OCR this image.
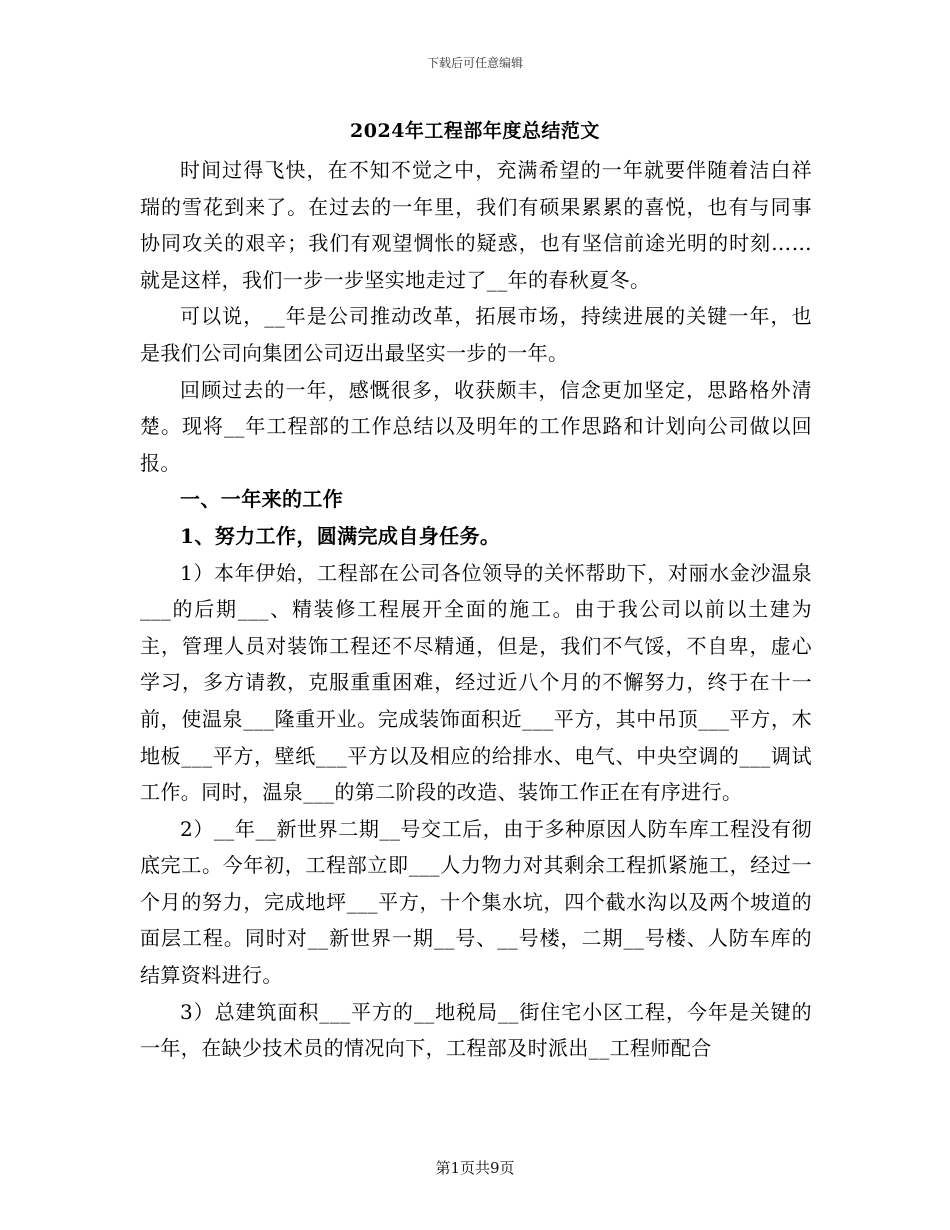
下载后可任意编辑
2024年工程部年度总结范文

时间过得飞快，在不知不觉之中，充满希望的一年就要伴随着洁白祥瑞的雪花到来了。在过去的一年里，我们有硕果累累的喜悦，也有与同事协同攻关的艰辛；我们有观望惆怅的疑惑，也有坚信前途光明的时刻……就是这样，我们一步一步坚实地走过了__年的春秋夏冬。

可以说，__年是公司推动改革，拓展市场，持续进展的关键一年，也是我们公司向集团公司迈出最坚实一步的一年。

回顾过去的一年，感慨很多，收获颇丰，信念更加坚定，思路格外清楚。现将__年工程部的工作总结以及明年的工作思路和计划向公司做以回报。

一、一年来的工作

1、努力工作，圆满完成自身任务。

1）本年伊始，工程部在公司各位领导的关怀帮助下，对丽水金沙温泉___的后期___、精装修工程展开全面的施工。由于我公司以前以土建为主，管理人员对装饰工程还不尽精通，但是，我们不气馁，不自卑，虚心学习，多方请教，克服重重困难，经过近八个月的不懈努力，终于在十一前，使温泉___隆重开业。完成装饰面积近___平方，其中吊顶___平方，木地板___平方，壁纸___平方以及相应的给排水、电气、中央空调的___调试工作。同时，温泉___的第二阶段的改造、装饰工作正在有序进行。

2）__年__新世界二期__号交工后，由于多种原因人防车库工程没有彻底完工。今年初，工程部立即___人力物力对其剩余工程抓紧施工，经过一个月的努力，完成地坪___平方，十个集水坑，四个截水沟以及两个坡道的面层工程。同时对__新世界一期__号、__号楼，二期__号楼、人防车库的结算资料进行。

3）总建筑面积___平方的__地税局__街住宅小区工程，今年是关键的一年，在缺少技术员的情况向下，工程部及时派出__工程师配合

第1页共9页
